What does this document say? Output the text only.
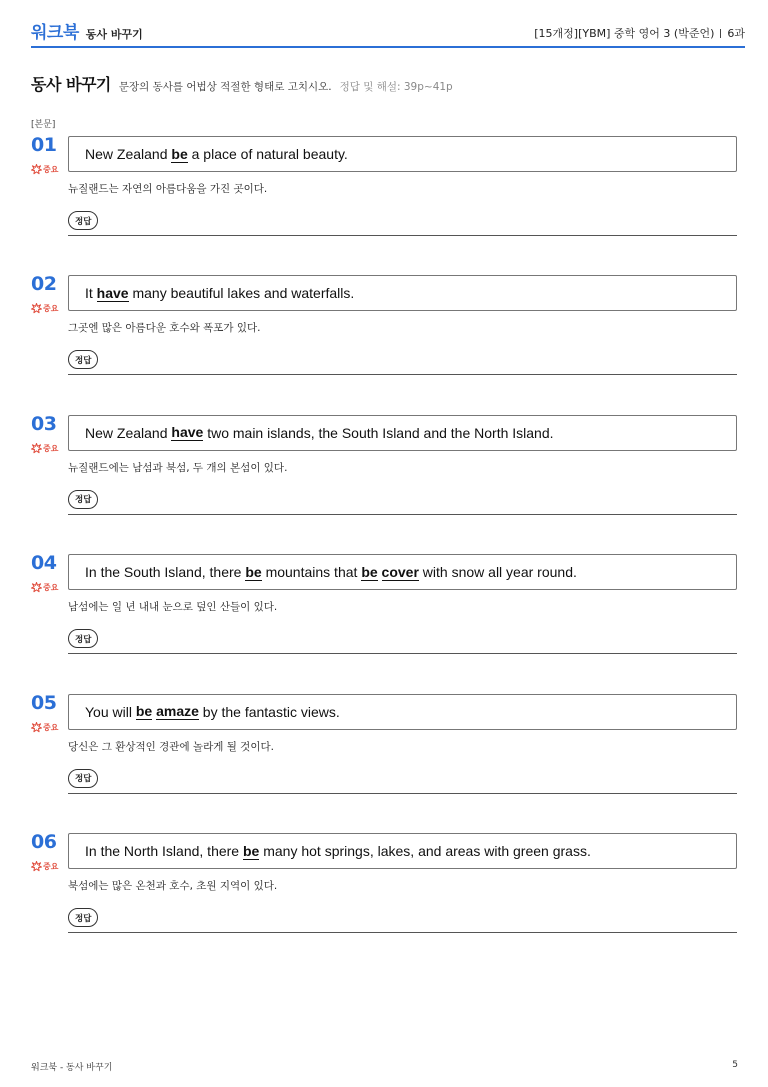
워크북 동사 바꾸기	[15개정][YBM] 중학 영어 3 (박준언) 6과
동사 바꾸기 문장의 동사를 어법상 적절한 형태로 고치시오. 정답 및 해설: 39p~41p
[본문]
01
중요
New Zealand be a place of natural beauty.
뉴질랜드는 자연의 아름다움을 가진 곳이다.
정답
02
중요
It have many beautiful lakes and waterfalls.
그곳엔 많은 아름다운 호수와 폭포가 있다.
정답
03
중요
New Zealand have two main islands, the South Island and the North Island.
뉴질랜드에는 남섬과 북섬, 두 개의 본섬이 있다.
정답
04
중요
In the South Island, there be mountains that be
cover with snow all year round.
남섬에는 일 년 내내 눈으로 덮인 산들이 있다.
정답
05
중요
You will be
amaze by the fantastic views.
당신은 그 환상적인 경관에 놀라게 될 것이다.
정답
06
중요
In the North Island, there be many hot springs, lakes, and areas with green grass.
북섬에는 많은 온천과 호수, 초원 지역이 있다.
정답
워크북 - 동사 바꾸기	5
